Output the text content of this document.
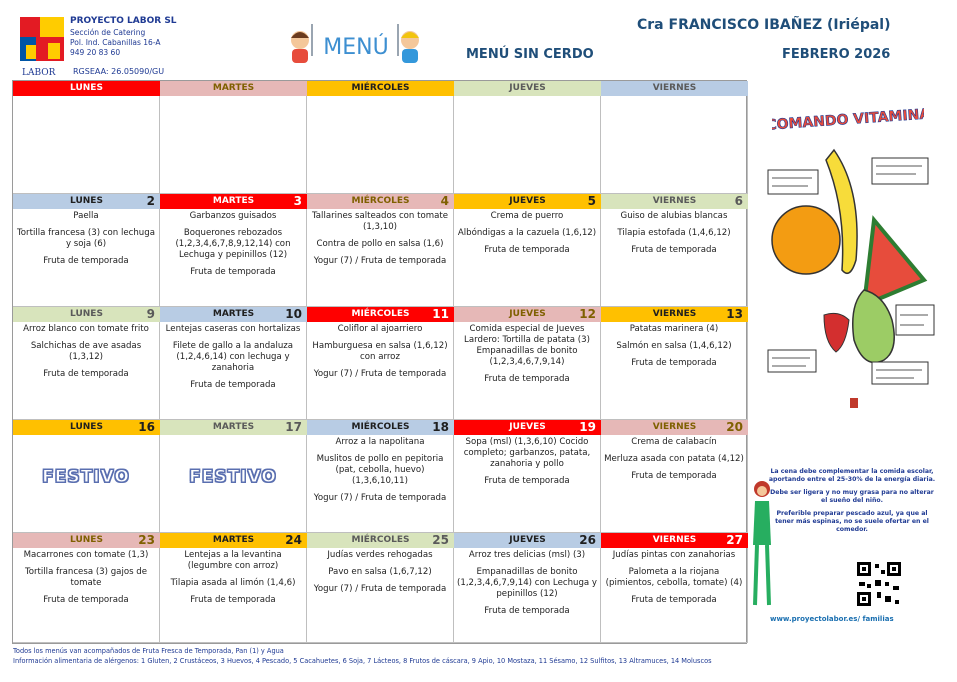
LABOR
PROYECTO LABOR SL
Sección de Catering
Pol. Ind. Cabanillas 16-A
949 20 83 60
RGSEAA: 26.05090/GU
MENÚ	MENÚ SIN CERDO
Cra FRANCISCO IBAÑEZ (Iriépal)
FEBRERO 2026
LUNES	MARTES	MIÉRCOLES	JUEVES	VIERNES
LUNES	2

Paella

Tortilla francesa (3) con lechuga y soja (6)

Fruta de temporada

MARTES	3

Garbanzos guisados

Boquerones rebozados (1,2,3,4,6,7,8,9,12,14) con Lechuga y pepinillos (12)

Fruta de temporada

MIÉRCOLES	4

Tallarines salteados con tomate (1,3,10)

Contra de pollo en salsa (1,6)

Yogur (7) / Fruta de temporada

JUEVES	5

Crema de puerro

Albóndigas a la cazuela (1,6,12)

Fruta de temporada

VIERNES	6

Guiso de alubias blancas

Tilapia estofada (1,4,6,12)

Fruta de temporada

LUNES	9

Arroz blanco con tomate frito

Salchichas de ave asadas (1,3,12)

Fruta de temporada

MARTES	10

Lentejas caseras con hortalizas

Filete de gallo a la andaluza (1,2,4,6,14) con lechuga y zanahoria

Fruta de temporada

MIÉRCOLES 11

Coliflor al ajoarriero

Hamburguesa en salsa (1,6,12) con arroz

Yogur (7) / Fruta de temporada

JUEVES	12

Comida especial de Jueves Lardero: Tortilla de patata (3) Empanadillas de bonito (1,2,3,4,6,7,9,14)

Fruta de temporada

VIERNES	13

Patatas marinera (4)

Salmón en salsa (1,4,6,12)

Fruta de temporada

LUNES	16
FESTIVO
MARTES	17
FESTIVO
MIÉRCOLES 18

Arroz a la napolitana

Muslitos de pollo en pepitoria (pat, cebolla, huevo) (1,3,6,10,11)

Yogur (7) / Fruta de temporada

JUEVES	19

Sopa (msl) (1,3,6,10) Cocido completo; garbanzos, patata, zanahoria y pollo

Fruta de temporada

VIERNES	20

Crema de calabacín

Merluza asada con patata (4,12)

Fruta de temporada

LUNES	23

Macarrones con tomate (1,3)

Tortilla francesa (3) gajos de tomate

Fruta de temporada

MARTES	24

Lentejas a la levantina (legumbre con arroz)

Tilapia asada al limón (1,4,6)

Fruta de temporada

MIÉRCOLES 25

Judías verdes rehogadas

Pavo en salsa (1,6,7,12)

Yogur (7) / Fruta de temporada

JUEVES	26

Arroz tres delicias (msl) (3)

Empanadillas de bonito (1,2,3,4,6,7,9,14) con Lechuga y pepinillos (12)

Fruta de temporada

VIERNES	27

Judías pintas con zanahorias

Palometa a la riojana (pimientos, cebolla, tomate) (4)

Fruta de temporada

Todos los menús van acompañados de Fruta Fresca de Temporada, Pan (1) y Agua
Información alimentaria de alérgenos: 1 Gluten, 2 Crustáceos, 3 Huevos, 4 Pescado, 5 Cacahuetes, 6 Soja, 7 Lácteos, 8 Frutos de cáscara, 9 Apio, 10 Mostaza, 11 Sésamo, 12 Sulfitos, 13 Altramuces, 14 Moluscos
COMANDO VITAMINA

La cena debe complementar la comida escolar, aportando entre el 25-30% de la energía diaria.

Debe ser ligera y no muy grasa para no alterar el sueño del niño.

Preferible preparar pescado azul, ya que al tener más espinas, no se suele ofertar en el comedor.

www.proyectolabor.es/ familias
